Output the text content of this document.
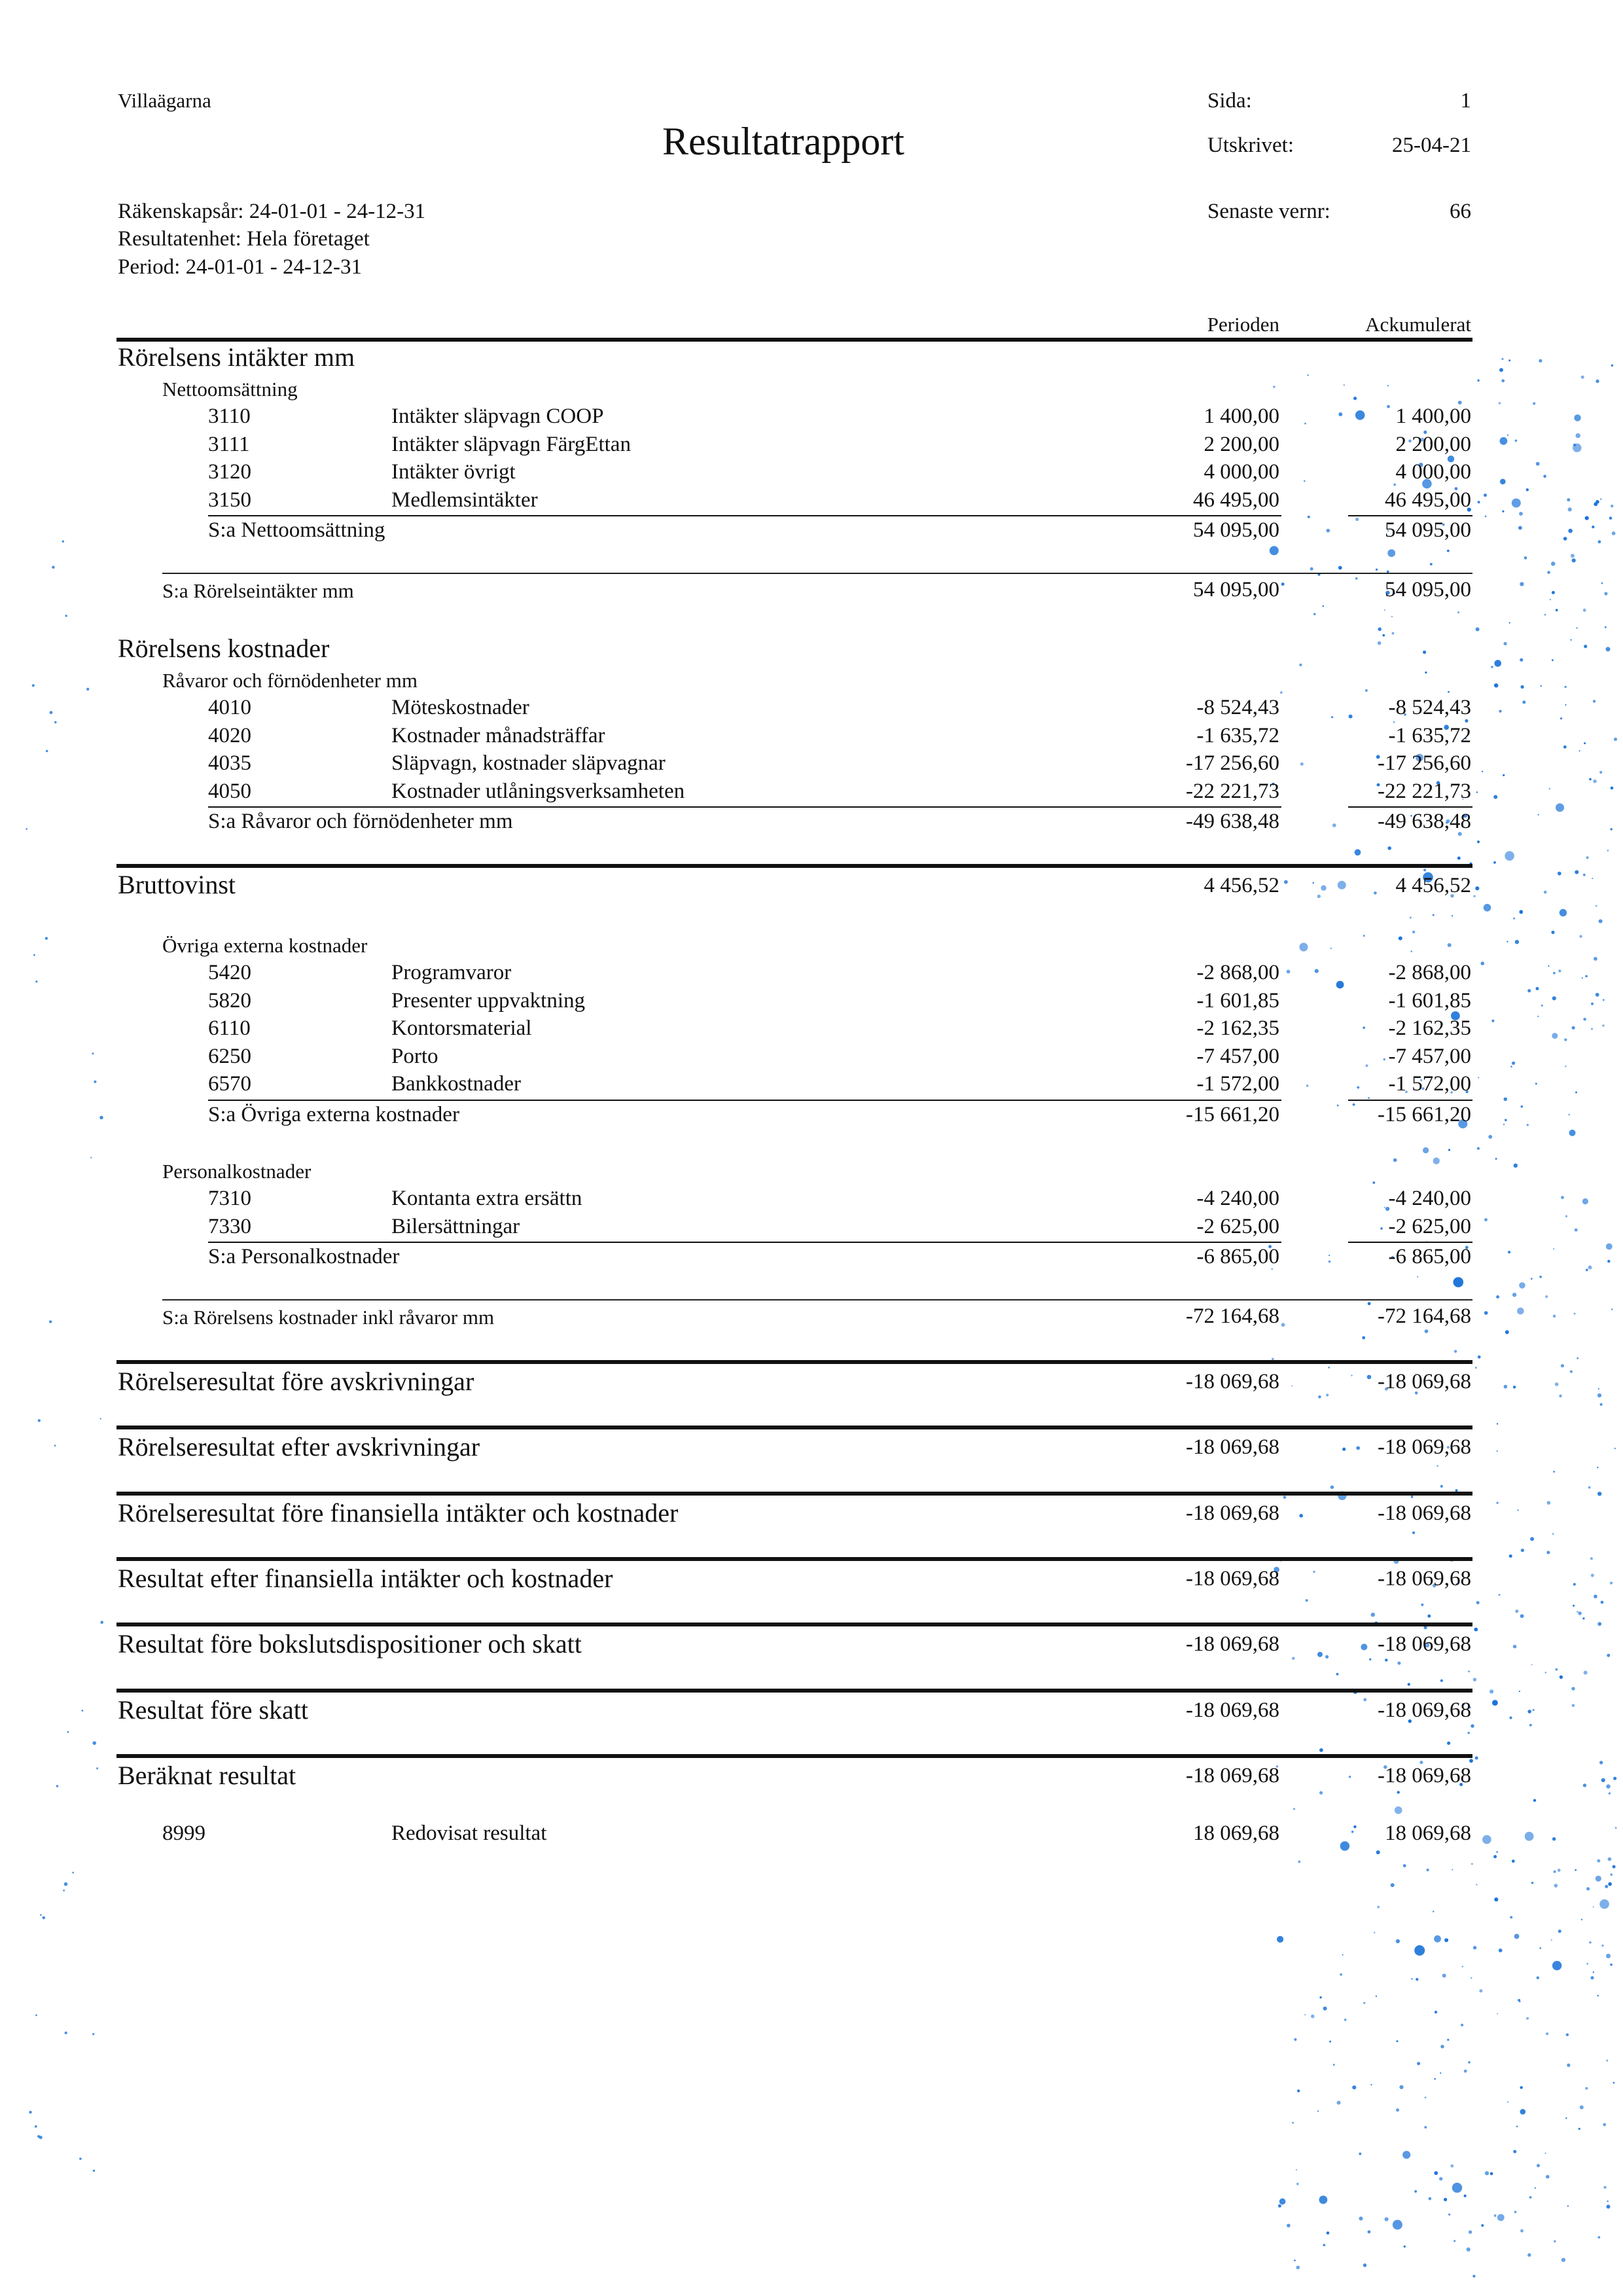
Villaägarna
Resultatrapport
Räkenskapsår: 24-01-01 - 24-12-31
Resultatenhet: Hela företaget
Period: 24-01-01 - 24-12-31
Sida:	1
Utskrivet:	25-04-21
Senaste vernr:	66
Perioden	Ackumulerat
Rörelsens intäkter mm
Nettoomsättning
3110	Intäkter släpvagn COOP	1 400,00	1 400,00
3111	Intäkter släpvagn FärgEttan	2 200,00	2 200,00
3120	Intäkter övrigt	4 000,00	4 000,00
3150	Medlemsintäkter	46 495,00	46 495,00
S:a Nettoomsättning	54 095,00	54 095,00
S:a Rörelseintäkter mm	54 095,00	54 095,00
Rörelsens kostnader
Råvaror och förnödenheter mm
4010	Möteskostnader	-8 524,43	-8 524,43
4020	Kostnader månadsträffar	-1 635,72	-1 635,72
4035	Släpvagn, kostnader släpvagnar	-17 256,60	-17 256,60
4050	Kostnader utlåningsverksamheten	-22 221,73	-22 221,73
S:a Råvaror och förnödenheter mm	-49 638,48	-49 638,48
Bruttovinst	4 456,52	4 456,52
Övriga externa kostnader
5420	Programvaror	-2 868,00	-2 868,00
5820	Presenter uppvaktning	-1 601,85	-1 601,85
6110	Kontorsmaterial	-2 162,35	-2 162,35
6250	Porto	-7 457,00	-7 457,00
6570	Bankkostnader	-1 572,00	-1 572,00
S:a Övriga externa kostnader	-15 661,20	-15 661,20
Personalkostnader
7310	Kontanta extra ersättn	-4 240,00	-4 240,00
7330	Bilersättningar	-2 625,00	-2 625,00
S:a Personalkostnader	-6 865,00	-6 865,00
S:a Rörelsens kostnader inkl råvaror mm	-72 164,68	-72 164,68
Rörelseresultat före avskrivningar	-18 069,68	-18 069,68
Rörelseresultat efter avskrivningar	-18 069,68	-18 069,68
Rörelseresultat före finansiella intäkter och kostnader	-18 069,68	-18 069,68
Resultat efter finansiella intäkter och kostnader	-18 069,68	-18 069,68
Resultat före bokslutsdispositioner och skatt	-18 069,68	-18 069,68
Resultat före skatt	-18 069,68	-18 069,68
Beräknat resultat	-18 069,68	-18 069,68
8999	Redovisat resultat	18 069,68	18 069,68
